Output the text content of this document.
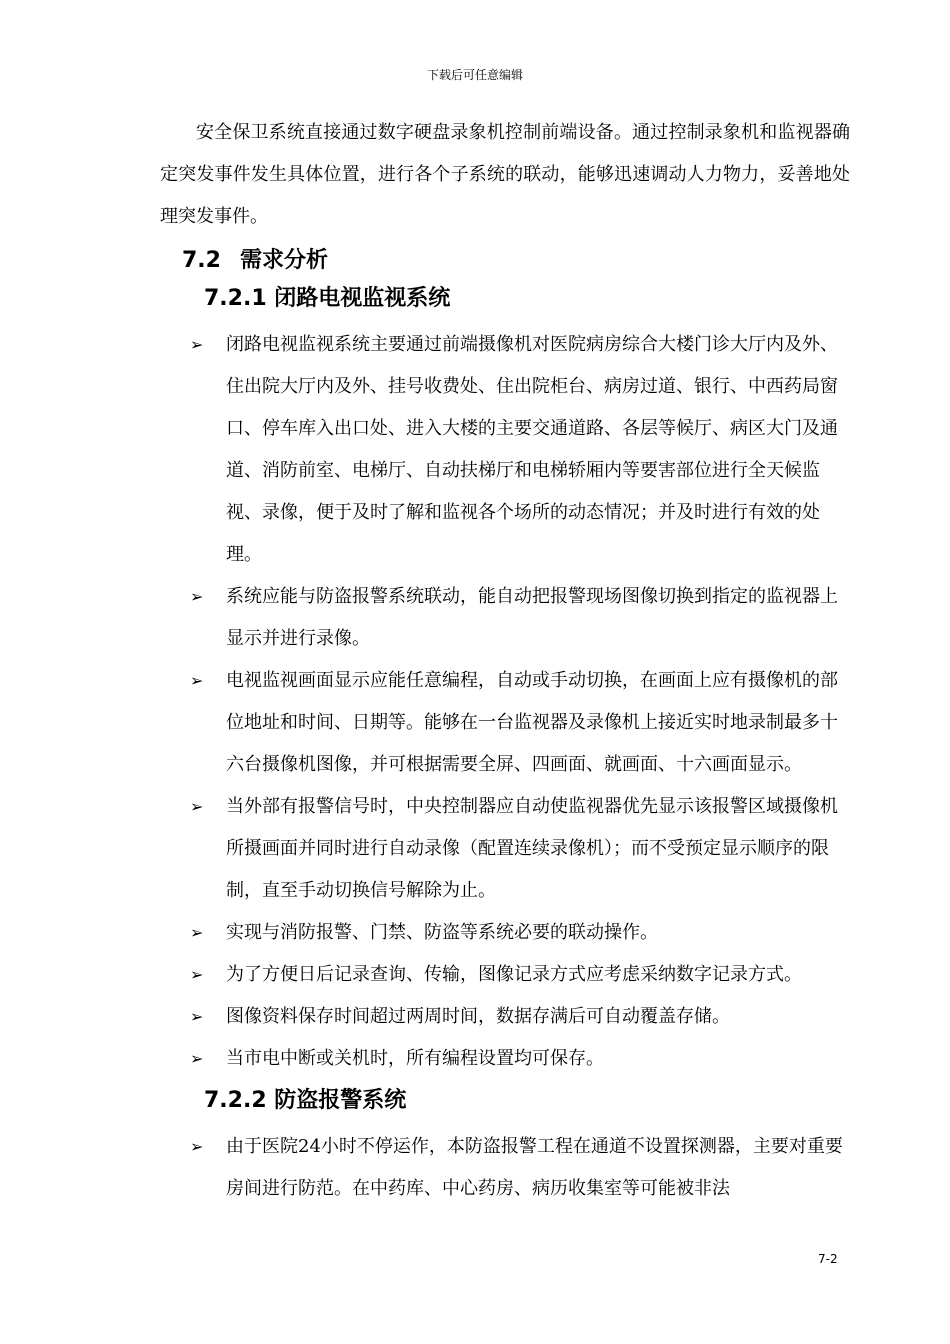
下载后可任意编辑

安全保卫系统直接通过数字硬盘录象机控制前端设备。通过控制录象机和监视器确定突发事件发生具体位置，进行各个子系统的联动，能够迅速调动人力物力，妥善地处理突发事件。

7.2 需求分析
7.2.1 闭路电视监视系统

➢ 闭路电视监视系统主要通过前端摄像机对医院病房综合大楼门诊大厅内及外、住出院大厅内及外、挂号收费处、住出院柜台、病房过道、银行、中西药局窗口、停车库入出口处、进入大楼的主要交通道路、各层等候厅、病区大门及通道、消防前室、电梯厅、自动扶梯厅和电梯轿厢内等要害部位进行全天候监视、录像，便于及时了解和监视各个场所的动态情况；并及时进行有效的处理。

➢ 系统应能与防盗报警系统联动，能自动把报警现场图像切换到指定的监视器上显示并进行录像。

➢ 电视监视画面显示应能任意编程，自动或手动切换，在画面上应有摄像机的部位地址和时间、日期等。能够在一台监视器及录像机上接近实时地录制最多十六台摄像机图像，并可根据需要全屏、四画面、就画面、十六画面显示。

➢ 当外部有报警信号时，中央控制器应自动使监视器优先显示该报警区域摄像机所摄画面并同时进行自动录像（配置连续录像机）；而不受预定显示顺序的限制，直至手动切换信号解除为止。

➢ 实现与消防报警、门禁、防盗等系统必要的联动操作。

➢ 为了方便日后记录查询、传输，图像记录方式应考虑采纳数字记录方式。

➢ 图像资料保存时间超过两周时间，数据存满后可自动覆盖存储。

➢ 当市电中断或关机时，所有编程设置均可保存。

7.2.2 防盗报警系统

➢ 由于医院24小时不停运作，本防盗报警工程在通道不设置探测器，主要对重要房间进行防范。在中药库、中心药房、病历收集室等可能被非法

7-2
